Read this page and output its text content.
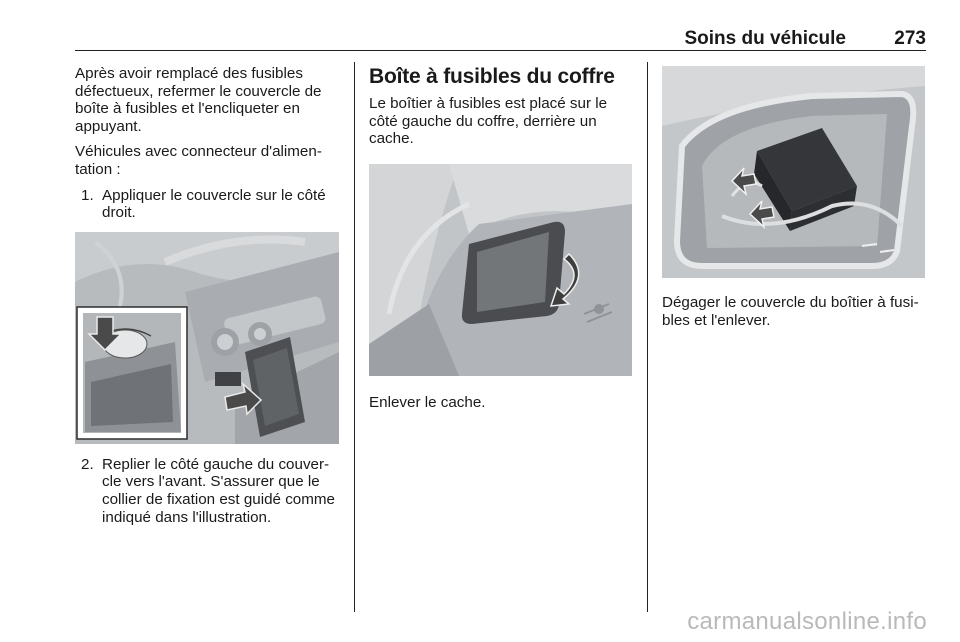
Soins du véhicule	273

Après avoir remplacé des fusibles défectueux, refermer le couvercle de boîte à fusibles et l'encliqueter en appuyant.

Véhicules avec connecteur d'alimen-tation :

1. Appliquer le couvercle sur le côté droit.
2. Replier le côté gauche du couver-cle vers l'avant. S'assurer que le collier de fixation est guidé comme indiqué dans l'illustration.
Boîte à fusibles du coffre

Le boîtier à fusibles est placé sur le côté gauche du coffre, derrière un cache.

Enlever le cache.

Dégager le couvercle du boîtier à fusi-bles et l'enlever.

carmanualsonline.info
